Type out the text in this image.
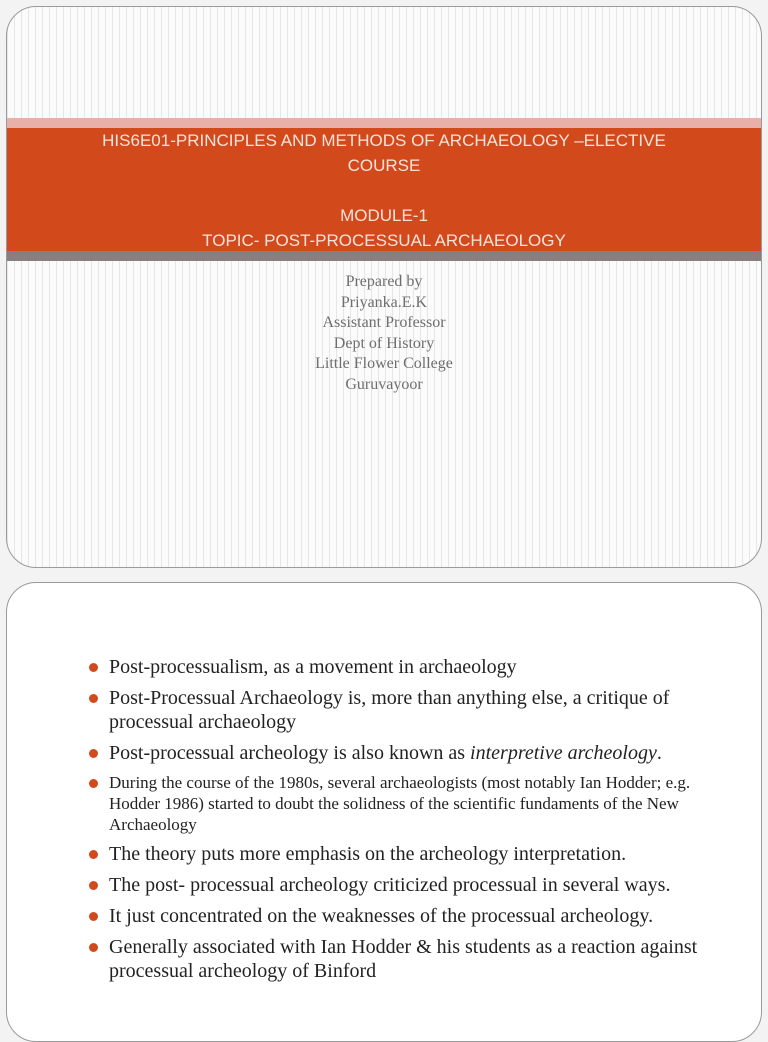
HIS6E01-PRINCIPLES AND METHODS OF ARCHAEOLOGY –ELECTIVE
COURSE
MODULE-1
TOPIC- POST-PROCESSUAL ARCHAEOLOGY
Prepared by
Priyanka.E.K
Assistant Professor
Dept of History
Little Flower College
Guruvayoor
Post-processualism, as a movement in archaeology
Post-Processual Archaeology is, more than anything else, a critique of processual archaeology
Post-processual archeology is also known as interpretive archeology.
During the course of the 1980s, several archaeologists (most notably Ian Hodder; e.g. Hodder 1986) started to doubt the solidness of the scientific fundaments of the New Archaeology
The theory puts more emphasis on the archeology interpretation.
The post- processual archeology criticized processual in several ways.
It just concentrated on the weaknesses of the processual archeology.
Generally associated with Ian Hodder & his students as a reaction against processual archeology of Binford
